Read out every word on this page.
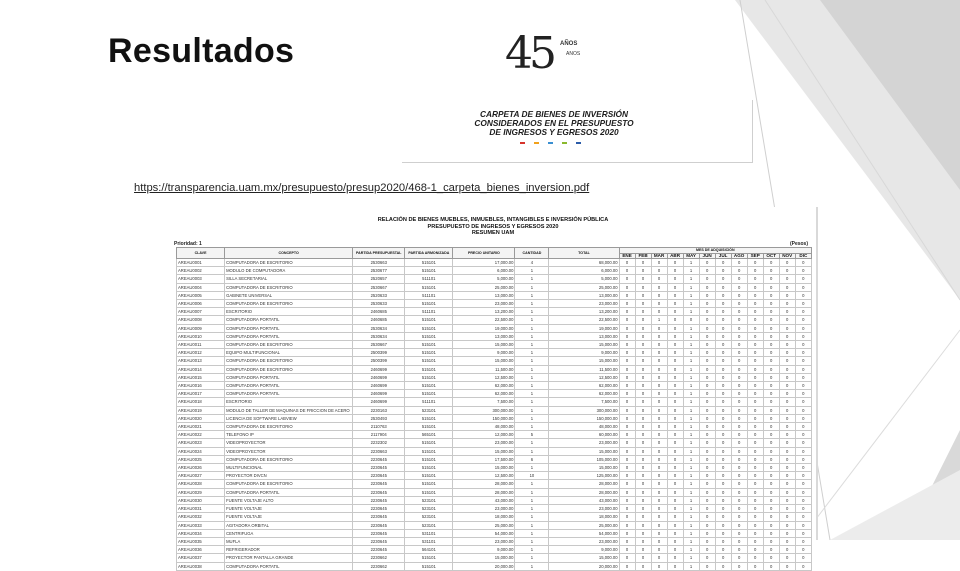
Resultados	45 AÑOS
ANOS
CARPETA DE BIENES DE INVERSIÓN
CONSIDERADOS EN EL PRESUPUESTO
DE INGRESOS Y EGRESOS 2020
https://transparencia.uam.mx/presupuesto/presup2020/468-1_carpeta_bienes_inversion.pdf
RELACIÓN DE BIENES MUEBLES, INMUEBLES, INTANGIBLES E INVERSIÓN PÚBLICA
PRESUPUESTO DE INGRESOS Y EGRESOS 2020
RESUMEN UAM
Prioridad: 1	(Pesos)
CLAVE	CONCEPTO	PARTIDA PRESUPUESTAL	PARTIDA ARMONIZADA	PRECIO UNITARIO	CANTIDAD	TOTAL	MES DE ADQUISICIÓN											
							ENE	FEB	MAR	ABR	MAY	JUN	JUL	AGO	SEP	OCT	NOV	DIC
AREAU0001	COMPUTADORA DE ESCRITORIO	2530663	515101	17,000.00	4	68,000.00	0	0	0	0	1	0	0	0	0	0	0	0
AREAU0002	MODULO DE COMPUTADORA	2530677	515101	6,000.00	1	6,000.00	0	0	0	0	1	0	0	0	0	0	0	0
AREAU0003	SILLA SECRETARIAL	2520657	511101	5,000.00	1	5,000.00	0	0	0	0	1	0	0	0	0	0	0	0
AREAU0004	COMPUTADORA DE ESCRITORIO	2530667	515101	25,000.00	1	25,000.00	0	0	0	0	1	0	0	0	0	0	0	0
AREAU0005	GABINETE UNIVERSAL	2520633	511101	13,000.00	1	13,000.00	0	0	0	0	1	0	0	0	0	0	0	0
AREAU0006	COMPUTADORA DE ESCRITORIO	2530633	515101	23,000.00	1	23,000.00	0	0	0	0	1	0	0	0	0	0	0	0
AREAU0007	ESCRITORIO	2460685	511101	13,200.00	1	13,200.00	0	0	0	0	1	0	0	0	0	0	0	0
AREAU0008	COMPUTADORA PORTATIL	2460685	515101	22,500.00	1	22,500.00	0	0	1	0	0	0	0	0	0	0	0	0
AREAU0009	COMPUTADORA PORTATIL	2530634	515101	19,000.00	1	19,000.00	0	0	0	0	1	0	0	0	0	0	0	0
AREAU0010	COMPUTADORA PORTATIL	2530634	515101	13,000.00	1	13,000.00	0	0	0	0	1	0	0	0	0	0	0	0
AREAU0011	COMPUTADORA DE ESCRITORIO	2530667	515101	15,000.00	1	15,000.00	0	0	0	0	1	0	0	0	0	0	0	0
AREAU0012	EQUIPO MULTIFUNCIONAL	2500399	515101	9,000.00	1	9,000.00	0	0	0	0	1	0	0	0	0	0	0	0
AREAU0013	COMPUTADORA DE ESCRITORIO	2500399	515101	15,000.00	1	15,000.00	0	0	0	0	1	0	0	0	0	0	0	0
AREAU0014	COMPUTADORA DE ESCRITORIO	2460699	515101	11,500.00	1	11,500.00	0	0	0	0	1	0	0	0	0	0	0	0
AREAU0015	COMPUTADORA PORTATIL	2460699	515101	12,500.00	1	12,500.00	0	0	0	0	1	0	0	0	0	0	0	0
AREAU0016	COMPUTADORA PORTATIL	2460699	515101	62,000.00	1	62,000.00	0	0	0	0	1	0	0	0	0	0	0	0
AREAU0017	COMPUTADORA PORTATIL	2460699	515101	62,000.00	1	62,000.00	0	0	0	0	1	0	0	0	0	0	0	0
AREAU0018	ESCRITORIO	2460699	511101	7,500.00	1	7,500.00	0	0	0	0	1	0	0	0	0	0	0	0
AREAU0019	MODULO DE TALLER DE MAQUINAS DE FRICCION DE ACERO	2230163	523101	300,000.00	1	300,000.00	0	0	0	0	1	0	0	0	0	0	0	0
AREAU0020	LICENCIA DE SOFTWARE LABVIEW	2530493	515101	150,000.00	1	150,000.00	0	0	0	0	1	0	0	0	0	0	0	0
AREAU0021	COMPUTADORA DE ESCRITORIO	2110763	515101	48,000.00	1	48,000.00	0	0	0	0	1	0	0	0	0	0	0	0
AREAU0022	TELEFONO IP	2117904	565101	12,000.00	5	60,000.00	0	0	0	0	1	0	0	0	0	0	0	0
AREAU0023	VIDEOPROYECTOR	2232302	515101	23,000.00	1	23,000.00	0	0	0	0	1	0	0	0	0	0	0	0
AREAU0024	VIDEOPROYECTOR	2230663	515101	15,000.00	1	15,000.00	0	0	0	0	1	0	0	0	0	0	0	0
AREAU0025	COMPUTADORA DE ESCRITORIO	2230645	515101	17,500.00	6	105,000.00	0	0	0	0	1	0	0	0	0	0	0	0
AREAU0026	MULTIFUNCIONAL	2230645	515101	15,000.00	1	15,000.00	0	0	0	0	1	0	0	0	0	0	0	0
AREAU0027	PROYECTOR DIVCN	2230645	515101	12,500.00	10	125,000.00	0	0	0	0	1	0	0	0	0	0	0	0
AREAU0028	COMPUTADORA DE ESCRITORIO	2230645	515101	28,000.00	1	28,000.00	0	0	0	0	1	0	0	0	0	0	0	0
AREAU0029	COMPUTADORA PORTATIL	2230645	515101	28,000.00	1	28,000.00	0	0	0	0	1	0	0	0	0	0	0	0
AREAU0030	FUENTE VOLTAJE ALTO	2230645	523101	43,000.00	1	43,000.00	0	0	0	0	1	0	0	0	0	0	0	0
AREAU0031	FUENTE VOLTAJE	2230645	523101	23,000.00	1	23,000.00	0	0	0	0	1	0	0	0	0	0	0	0
AREAU0032	FUENTE VOLTAJE	2230645	523101	18,000.00	1	18,000.00	0	0	0	0	1	0	0	0	0	0	0	0
AREAU0033	AGITADORA ORBITAL	2230645	523101	25,000.00	1	25,000.00	0	0	0	0	1	0	0	0	0	0	0	0
AREAU0034	CENTRIFUGA	2230645	531101	54,000.00	1	54,000.00	0	0	0	0	1	0	0	0	0	0	0	0
AREAU0035	MUFLA	2230645	531101	23,000.00	1	23,000.00	0	0	0	0	1	0	0	0	0	0	0	0
AREAU0036	REFRIGERADOR	2230645	564101	9,000.00	1	9,000.00	0	0	0	0	1	0	0	0	0	0	0	0
AREAU0037	PROYECTOR PANTALLA GRANDE	2230662	515101	15,000.00	1	15,000.00	0	0	0	0	1	0	0	0	0	0	0	0
AREAU0038	COMPUTADORA PORTATIL	2230662	515101	20,000.00	1	20,000.00	0	0	0	0	1	0	0	0	0	0	0	0
